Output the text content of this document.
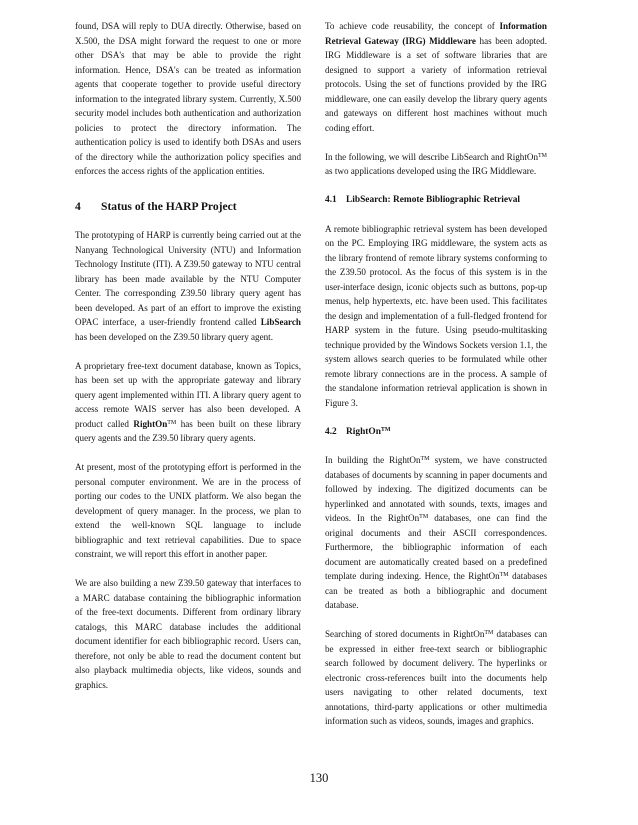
found, DSA will reply to DUA directly. Otherwise, based on X.500, the DSA might forward the request to one or more other DSA's that may be able to provide the right information. Hence, DSA's can be treated as information agents that cooperate together to provide useful directory information to the integrated library system. Currently, X.500 security model includes both authentication and authorization policies to protect the directory information. The authentication policy is used to identify both DSAs and users of the directory while the authorization policy specifies and enforces the access rights of the application entities.

4 Status of the HARP Project

The prototyping of HARP is currently being carried out at the Nanyang Technological University (NTU) and Information Technology Institute (ITI). A Z39.50 gateway to NTU central library has been made available by the NTU Computer Center. The corresponding Z39.50 library query agent has been developed. As part of an effort to improve the existing OPAC interface, a user-friendly frontend called LibSearch has been developed on the Z39.50 library query agent.

A proprietary free-text document database, known as Topics, has been set up with the appropriate gateway and library query agent implemented within ITI. A library query agent to access remote WAIS server has also been developed. A product called RightOn™ has been built on these library query agents and the Z39.50 library query agents.

At present, most of the prototyping effort is performed in the personal computer environment. We are in the process of porting our codes to the UNIX platform. We also began the development of query manager. In the process, we plan to extend the well-known SQL language to include bibliographic and text retrieval capabilities. Due to space constraint, we will report this effort in another paper.

We are also building a new Z39.50 gateway that interfaces to a MARC database containing the bibliographic information of the free-text documents. Different from ordinary library catalogs, this MARC database includes the additional document identifier for each bibliographic record. Users can, therefore, not only be able to read the document content but also playback multimedia objects, like videos, sounds and graphics.

To achieve code reusability, the concept of Information Retrieval Gateway (IRG) Middleware has been adopted. IRG Middleware is a set of software libraries that are designed to support a variety of information retrieval protocols. Using the set of functions provided by the IRG middleware, one can easily develop the library query agents and gateways on different host machines without much coding effort.

In the following, we will describe LibSearch and RightOn™ as two applications developed using the IRG Middleware.

4.1 LibSearch: Remote Bibliographic Retrieval

A remote bibliographic retrieval system has been developed on the PC. Employing IRG middleware, the system acts as the library frontend of remote library systems conforming to the Z39.50 protocol. As the focus of this system is in the user-interface design, iconic objects such as buttons, pop-up menus, help hypertexts, etc. have been used. This facilitates the design and implementation of a full-fledged frontend for HARP system in the future. Using pseudo-multitasking technique provided by the Windows Sockets version 1.1, the system allows search queries to be formulated while other remote library connections are in the process. A sample of the standalone information retrieval application is shown in Figure 3.

4.2 RightOn™

In building the RightOn™ system, we have constructed databases of documents by scanning in paper documents and followed by indexing. The digitized documents can be hyperlinked and annotated with sounds, texts, images and videos. In the RightOn™ databases, one can find the original documents and their ASCII correspondences. Furthermore, the bibliographic information of each document are automatically created based on a predefined template during indexing. Hence, the RightOn™ databases can be treated as both a bibliographic and document database.

Searching of stored documents in RightOn™ databases can be expressed in either free-text search or bibliographic search followed by document delivery. The hyperlinks or electronic cross-references built into the documents help users navigating to other related documents, text annotations, third-party applications or other multimedia information such as videos, sounds, images and graphics.

130
